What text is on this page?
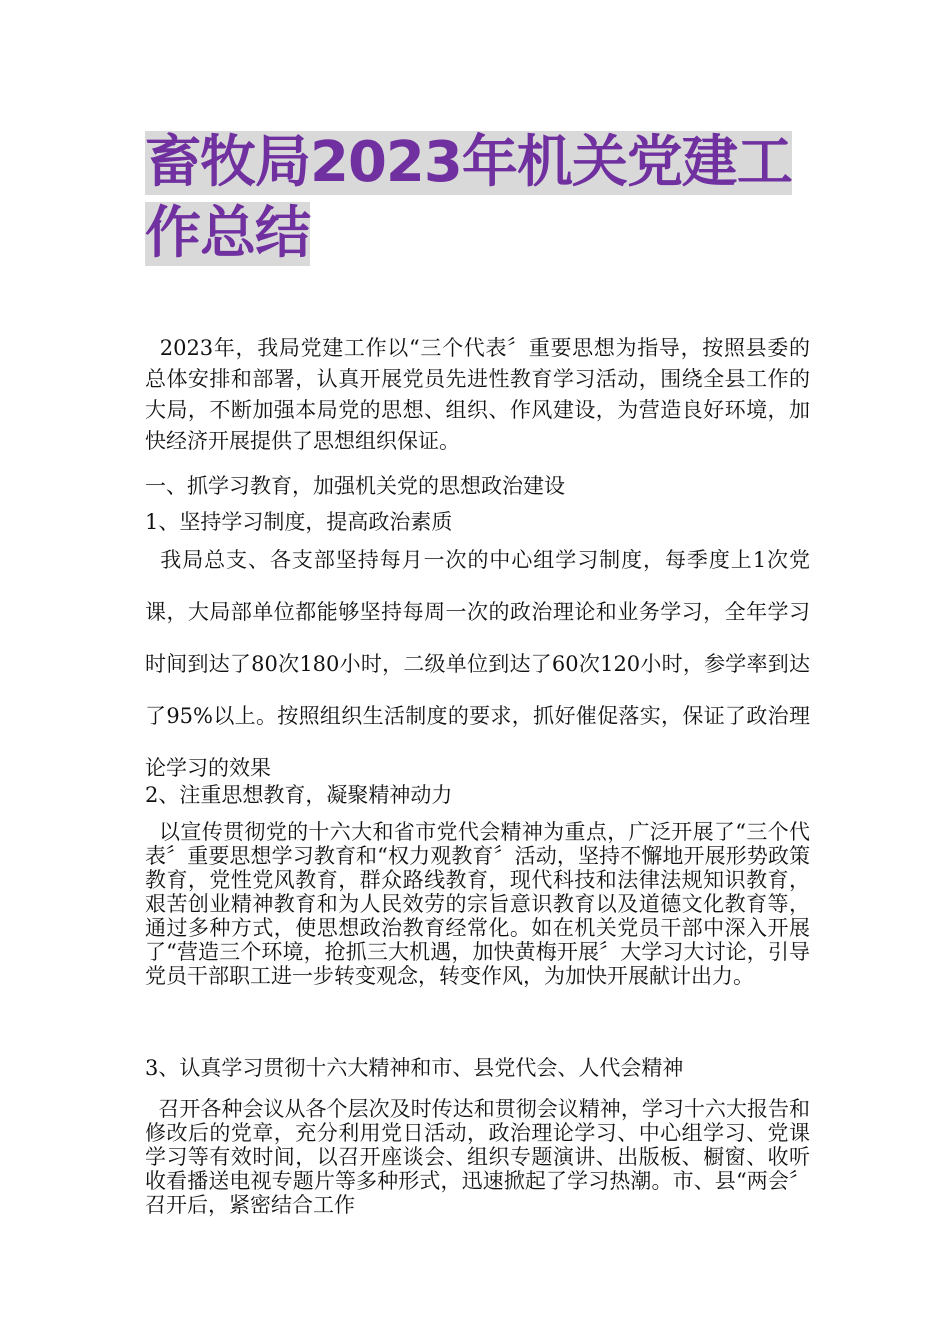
畜牧局2023年机关党建工
作总结
2023年，我局党建工作以“三个代表〞重要思想为指导，按照县委的总体安排和部署，认真开展党员先进性教育学习活动，围绕全县工作的大局，不断加强本局党的思想、组织、作风建设，为营造良好环境，加快经济开展提供了思想组织保证。
一、抓学习教育，加强机关党的思想政治建设
1、坚持学习制度，提高政治素质
我局总支、各支部坚持每月一次的中心组学习制度，每季度上1次党课，大局部单位都能够坚持每周一次的政治理论和业务学习，全年学习时间到达了80次180小时，二级单位到达了60次120小时，参学率到达了95%以上。按照组织生活制度的要求，抓好催促落实，保证了政治理论学习的效果
2、注重思想教育，凝聚精神动力
以宣传贯彻党的十六大和省市党代会精神为重点，广泛开展了“三个代表〞重要思想学习教育和“权力观教育〞活动，坚持不懈地开展形势政策教育，党性党风教育，群众路线教育，现代科技和法律法规知识教育，艰苦创业精神教育和为人民效劳的宗旨意识教育以及道德文化教育等，通过多种方式，使思想政治教育经常化。如在机关党员干部中深入开展了“营造三个环境，抢抓三大机遇，加快黄梅开展〞大学习大讨论，引导党员干部职工进一步转变观念，转变作风，为加快开展献计出力。
3、认真学习贯彻十六大精神和市、县党代会、人代会精神
召开各种会议从各个层次及时传达和贯彻会议精神，学习十六大报告和修改后的党章，充分利用党日活动，政治理论学习、中心组学习、党课学习等有效时间，以召开座谈会、组织专题演讲、出版板、橱窗、收听收看播送电视专题片等多种形式，迅速掀起了学习热潮。市、县“两会〞召开后，紧密结合工作
